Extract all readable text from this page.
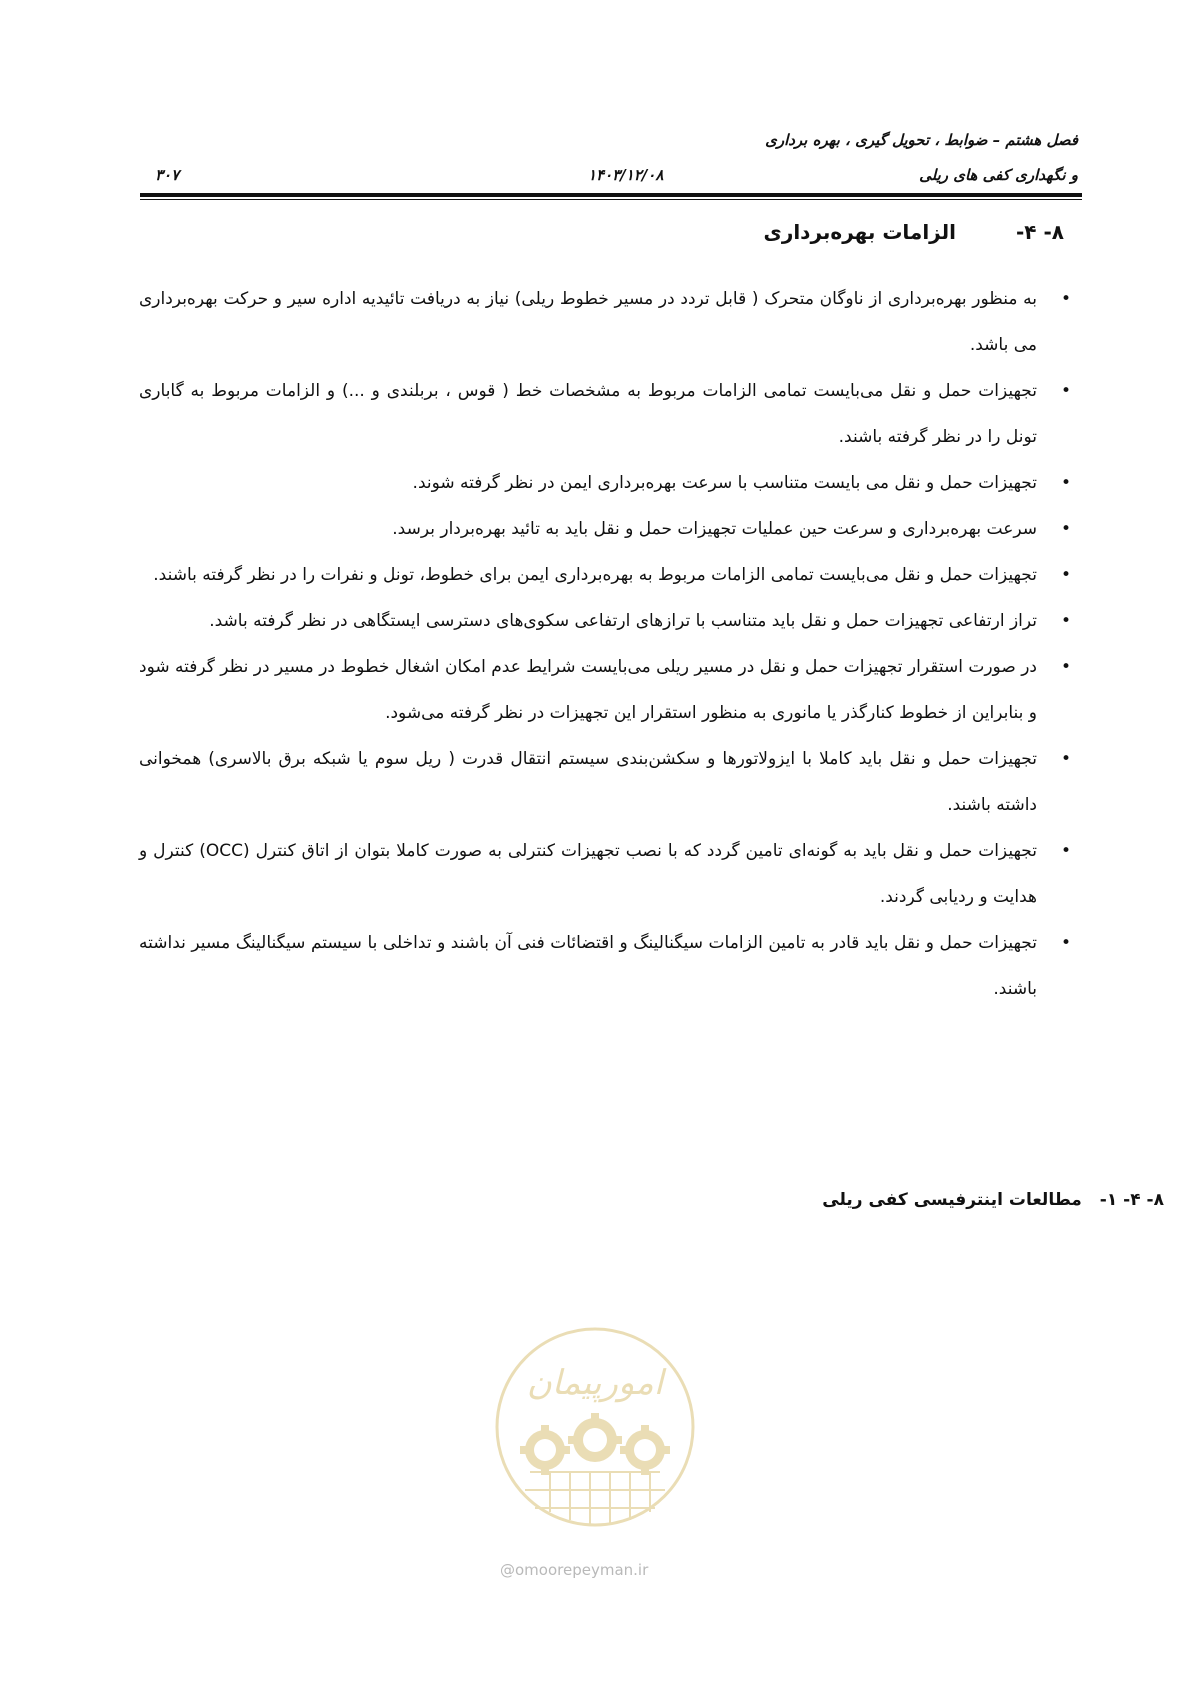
فصل هشتم – ضوابط ، تحویل گیری ، بهره برداری
و نگهداری کفی های ریلی
۱۴۰۳/۱۲/۰۸
۳۰۷
۸- ۴-الزامات بهره‌برداری
• به منظور بهره‌برداری از ناوگان متحرک ( قابل تردد در مسیر خطوط ریلی) نیاز به دریافت تائیدیه اداره سیر و حرکت بهره‌برداری می باشد.
• تجهیزات حمل و نقل می‌بایست تمامی الزامات مربوط به مشخصات خط ( قوس ، بربلندی و ...) و الزامات مربوط به گاباری تونل را در نظر گرفته باشند.
• تجهیزات حمل و نقل می بایست متناسب با سرعت بهره‌برداری ایمن در نظر گرفته شوند.
• سرعت بهره‌برداری و سرعت حین عملیات تجهیزات حمل و نقل باید به تائید بهره‌بردار برسد.
• تجهیزات حمل و نقل می‌بایست تمامی الزامات مربوط به بهره‌برداری ایمن برای خطوط، تونل و نفرات را در نظر گرفته باشند.
• تراز ارتفاعی تجهیزات حمل و نقل باید متناسب با ترازهای ارتفاعی سکوی‌های دسترسی ایستگاهی در نظر گرفته باشد.
• در صورت استقرار تجهیزات حمل و نقل در مسیر ریلی می‌بایست شرایط عدم امکان اشغال خطوط در مسیر در نظر گرفته شود و بنابراین از خطوط کنارگذر یا مانوری به منظور استقرار این تجهیزات در نظر گرفته می‌شود.
• تجهیزات حمل و نقل باید کاملا با ایزولاتورها و سکشن‌بندی سیستم انتقال قدرت ( ریل سوم یا شبکه برق بالاسری) همخوانی داشته باشند.
• تجهیزات حمل و نقل باید به گونه‌ای تامین گردد که با نصب تجهیزات کنترلی به صورت کاملا بتوان از اتاق کنترل (OCC) کنترل و هدایت و ردیابی گردند.
• تجهیزات حمل و نقل باید قادر به تامین الزامات سیگنالینگ و اقتضائات فنی آن باشند و تداخلی با سیستم سیگنالینگ مسیر نداشته باشند.
۸- ۴- ۱-مطالعات اینترفیسی کفی ریلی
امورپیمان
@omoorepeyman.ir
